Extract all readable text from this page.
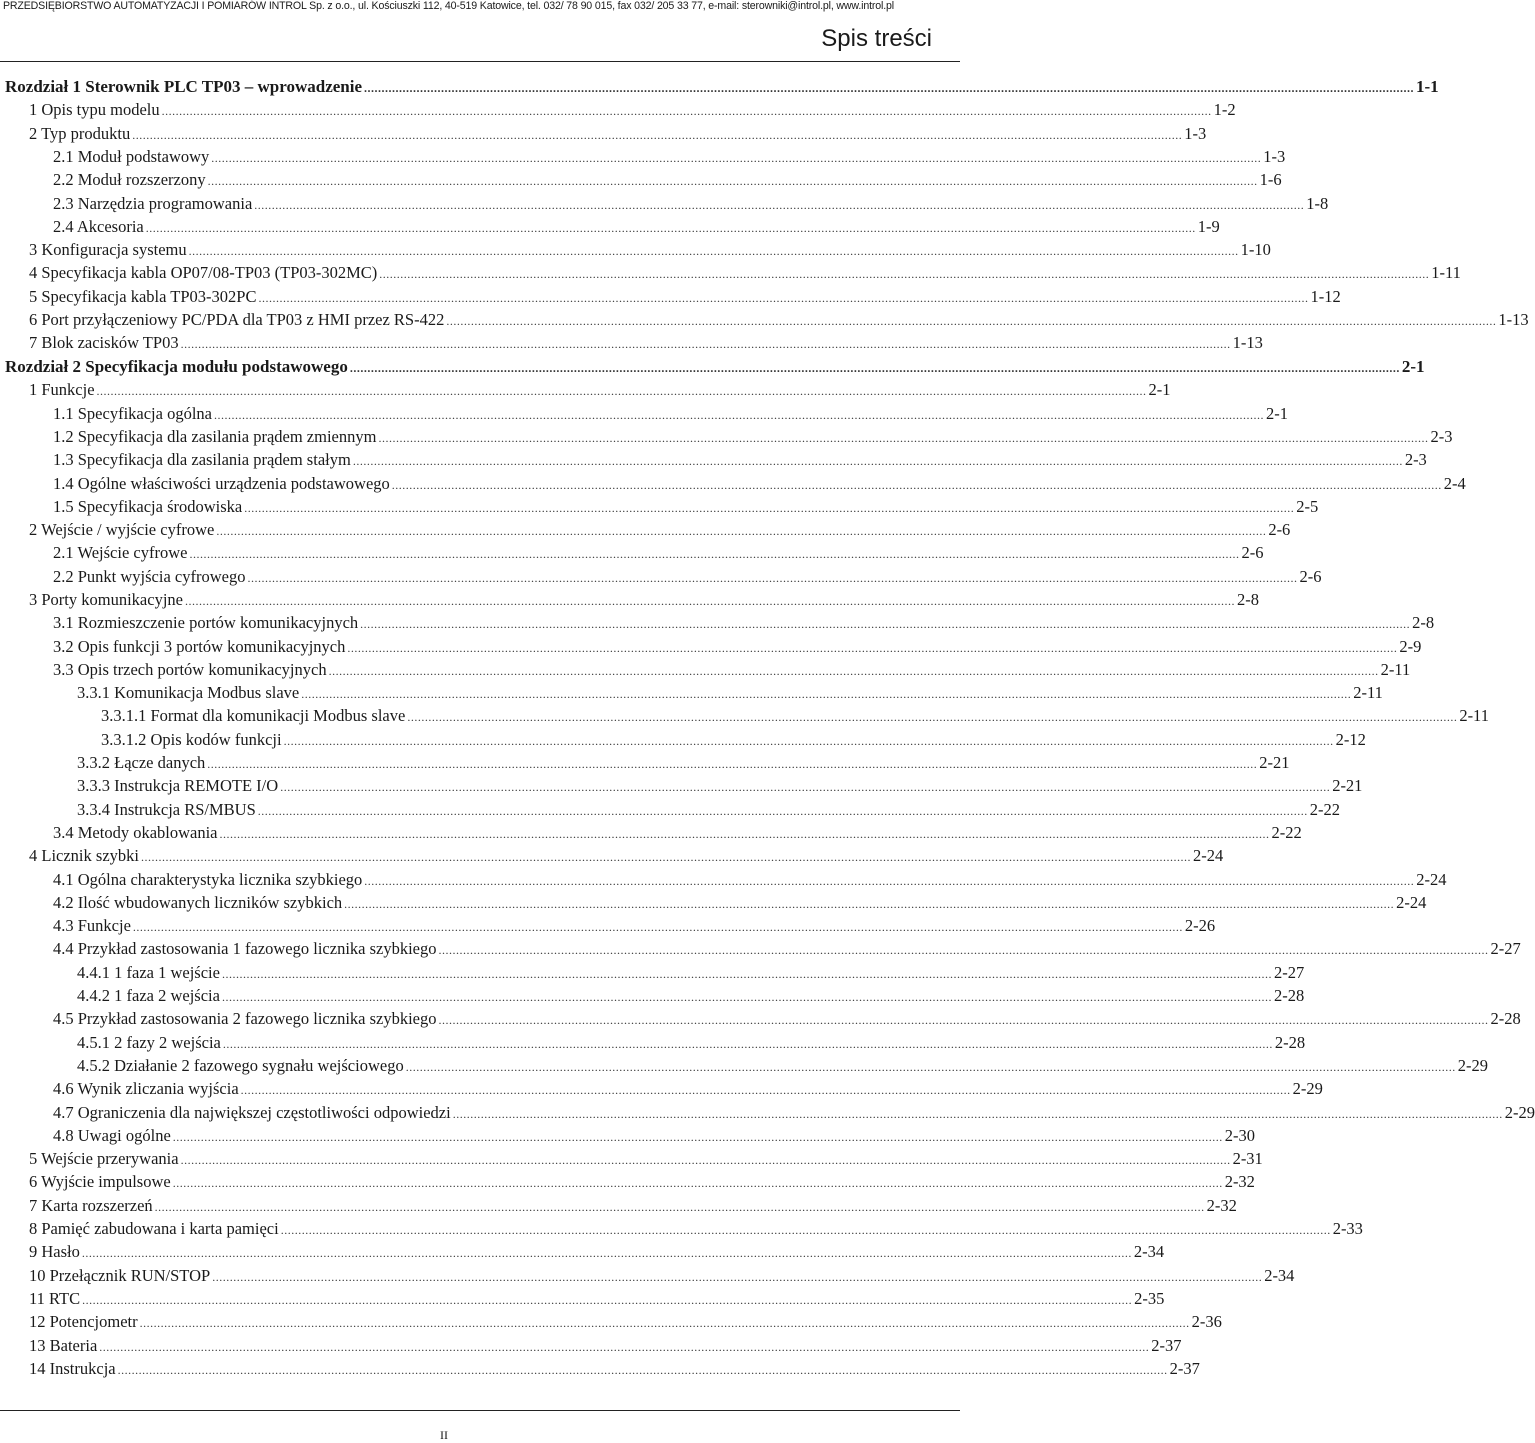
PRZEDSIĘBIORSTWO AUTOMATYZACJI I POMIARÓW INTROL Sp. z o.o., ul. Kościuszki 112, 40-519 Katowice, tel. 032/ 78 90 015, fax 032/ 205 33 77, e-mail: sterowniki@introl.pl, www.introl.pl
Spis treści
Rozdział 1 Sterownik PLC TP03 – wprowadzenie ............................................................................................................................................................................................................................................................................................................ 1-1
1 Opis typu modelu ............................................................................................................................................................................................................................................................................................................ 1-2
2 Typ produktu ............................................................................................................................................................................................................................................................................................................ 1-3
2.1 Moduł podstawowy ............................................................................................................................................................................................................................................................................................................ 1-3
2.2 Moduł rozszerzony ............................................................................................................................................................................................................................................................................................................ 1-6
2.3 Narzędzia programowania ............................................................................................................................................................................................................................................................................................................ 1-8
2.4 Akcesoria ............................................................................................................................................................................................................................................................................................................ 1-9
3 Konfiguracja systemu ............................................................................................................................................................................................................................................................................................................ 1-10
4 Specyfikacja kabla OP07/08-TP03 (TP03-302MC) ............................................................................................................................................................................................................................................................................................................ 1-11
5 Specyfikacja kabla TP03-302PC ............................................................................................................................................................................................................................................................................................................ 1-12
6 Port przyłączeniowy PC/PDA dla TP03 z HMI przez RS-422 ............................................................................................................................................................................................................................................................................................................ 1-13
7 Blok zacisków TP03 ............................................................................................................................................................................................................................................................................................................ 1-13
Rozdział 2 Specyfikacja modułu podstawowego ............................................................................................................................................................................................................................................................................................................ 2-1
1 Funkcje ............................................................................................................................................................................................................................................................................................................ 2-1
1.1 Specyfikacja ogólna ............................................................................................................................................................................................................................................................................................................ 2-1
1.2 Specyfikacja dla zasilania prądem zmiennym ............................................................................................................................................................................................................................................................................................................ 2-3
1.3 Specyfikacja dla zasilania prądem stałym ............................................................................................................................................................................................................................................................................................................ 2-3
1.4 Ogólne właściwości urządzenia podstawowego ............................................................................................................................................................................................................................................................................................................ 2-4
1.5 Specyfikacja środowiska ............................................................................................................................................................................................................................................................................................................ 2-5
2 Wejście / wyjście cyfrowe ............................................................................................................................................................................................................................................................................................................ 2-6
2.1 Wejście cyfrowe ............................................................................................................................................................................................................................................................................................................ 2-6
2.2 Punkt wyjścia cyfrowego ............................................................................................................................................................................................................................................................................................................ 2-6
3 Porty komunikacyjne ............................................................................................................................................................................................................................................................................................................ 2-8
3.1 Rozmieszczenie portów komunikacyjnych ............................................................................................................................................................................................................................................................................................................ 2-8
3.2 Opis funkcji 3 portów komunikacyjnych ............................................................................................................................................................................................................................................................................................................ 2-9
3.3 Opis trzech portów komunikacyjnych ............................................................................................................................................................................................................................................................................................................ 2-11
3.3.1 Komunikacja Modbus slave ............................................................................................................................................................................................................................................................................................................ 2-11
3.3.1.1 Format dla komunikacji Modbus slave ............................................................................................................................................................................................................................................................................................................ 2-11
3.3.1.2 Opis kodów funkcji ............................................................................................................................................................................................................................................................................................................ 2-12
3.3.2 Łącze danych ............................................................................................................................................................................................................................................................................................................ 2-21
3.3.3 Instrukcja REMOTE I/O ............................................................................................................................................................................................................................................................................................................ 2-21
3.3.4 Instrukcja RS/MBUS ............................................................................................................................................................................................................................................................................................................ 2-22
3.4 Metody okablowania ............................................................................................................................................................................................................................................................................................................ 2-22
4 Licznik szybki ............................................................................................................................................................................................................................................................................................................ 2-24
4.1 Ogólna charakterystyka licznika szybkiego ............................................................................................................................................................................................................................................................................................................ 2-24
4.2 Ilość wbudowanych liczników szybkich ............................................................................................................................................................................................................................................................................................................ 2-24
4.3 Funkcje ............................................................................................................................................................................................................................................................................................................ 2-26
4.4 Przykład zastosowania 1 fazowego licznika szybkiego ............................................................................................................................................................................................................................................................................................................ 2-27
4.4.1 1 faza 1 wejście ............................................................................................................................................................................................................................................................................................................ 2-27
4.4.2 1 faza 2 wejścia ............................................................................................................................................................................................................................................................................................................ 2-28
4.5 Przykład zastosowania 2 fazowego licznika szybkiego ............................................................................................................................................................................................................................................................................................................ 2-28
4.5.1 2 fazy 2 wejścia ............................................................................................................................................................................................................................................................................................................ 2-28
4.5.2 Działanie 2 fazowego sygnału wejściowego ............................................................................................................................................................................................................................................................................................................ 2-29
4.6 Wynik zliczania wyjścia ............................................................................................................................................................................................................................................................................................................ 2-29
4.7 Ograniczenia dla największej częstotliwości odpowiedzi ............................................................................................................................................................................................................................................................................................................ 2-29
4.8 Uwagi ogólne ............................................................................................................................................................................................................................................................................................................ 2-30
5 Wejście przerywania ............................................................................................................................................................................................................................................................................................................ 2-31
6 Wyjście impulsowe ............................................................................................................................................................................................................................................................................................................ 2-32
7 Karta rozszerzeń ............................................................................................................................................................................................................................................................................................................ 2-32
8 Pamięć zabudowana i karta pamięci ............................................................................................................................................................................................................................................................................................................ 2-33
9 Hasło ............................................................................................................................................................................................................................................................................................................ 2-34
10 Przełącznik RUN/STOP ............................................................................................................................................................................................................................................................................................................ 2-34
11 RTC ............................................................................................................................................................................................................................................................................................................ 2-35
12 Potencjometr ............................................................................................................................................................................................................................................................................................................ 2-36
13 Bateria ............................................................................................................................................................................................................................................................................................................ 2-37
14 Instrukcja ............................................................................................................................................................................................................................................................................................................ 2-37
II
